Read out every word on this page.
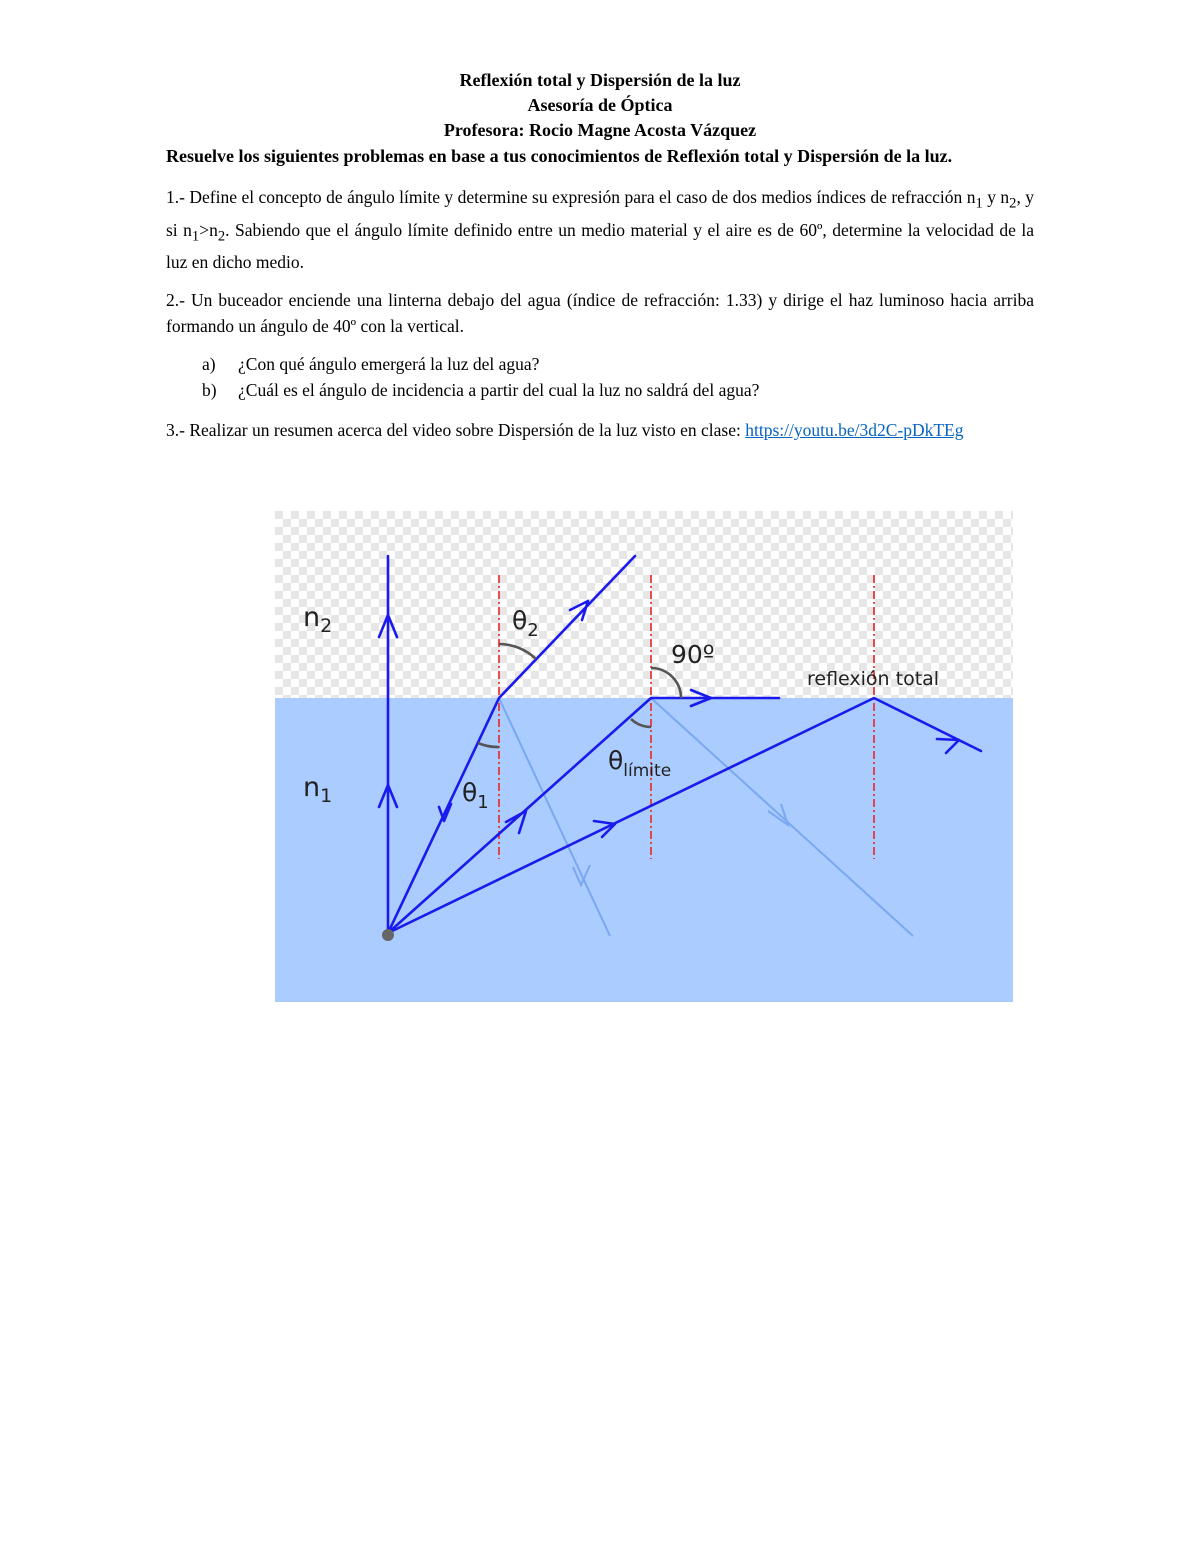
Reflexión total y Dispersión de la luz

Asesoría de Óptica

Profesora: Rocio Magne Acosta Vázquez

Resuelve los siguientes problemas en base a tus conocimientos de Reflexión total y Dispersión de la luz.

1.- Define el concepto de ángulo límite y determine su expresión para el caso de dos medios índices de refracción $n_1$ y $n_2$, y si $n_1>n_2$. Sabiendo que el ángulo límite definido entre un medio material y el aire es de 60º, determine la velocidad de la luz en dicho medio.

2.- Un buceador enciende una linterna debajo del agua (índice de refracción: 1.33) y dirige el haz luminoso hacia arriba formando un ángulo de 40º con la vertical.

a)	¿Con qué ángulo emergerá la luz del agua?
b)	¿Cuál es el ángulo de incidencia a partir del cual la luz no saldrá del agua?

3.- Realizar un resumen acerca del video sobre Dispersión de la luz visto en clase: https://youtu.be/3d2C-pDkTEg

$n_2$
$n_1$
$\theta_2$
$\theta_1$
$\theta_{límite}$
90º
reflexión total
